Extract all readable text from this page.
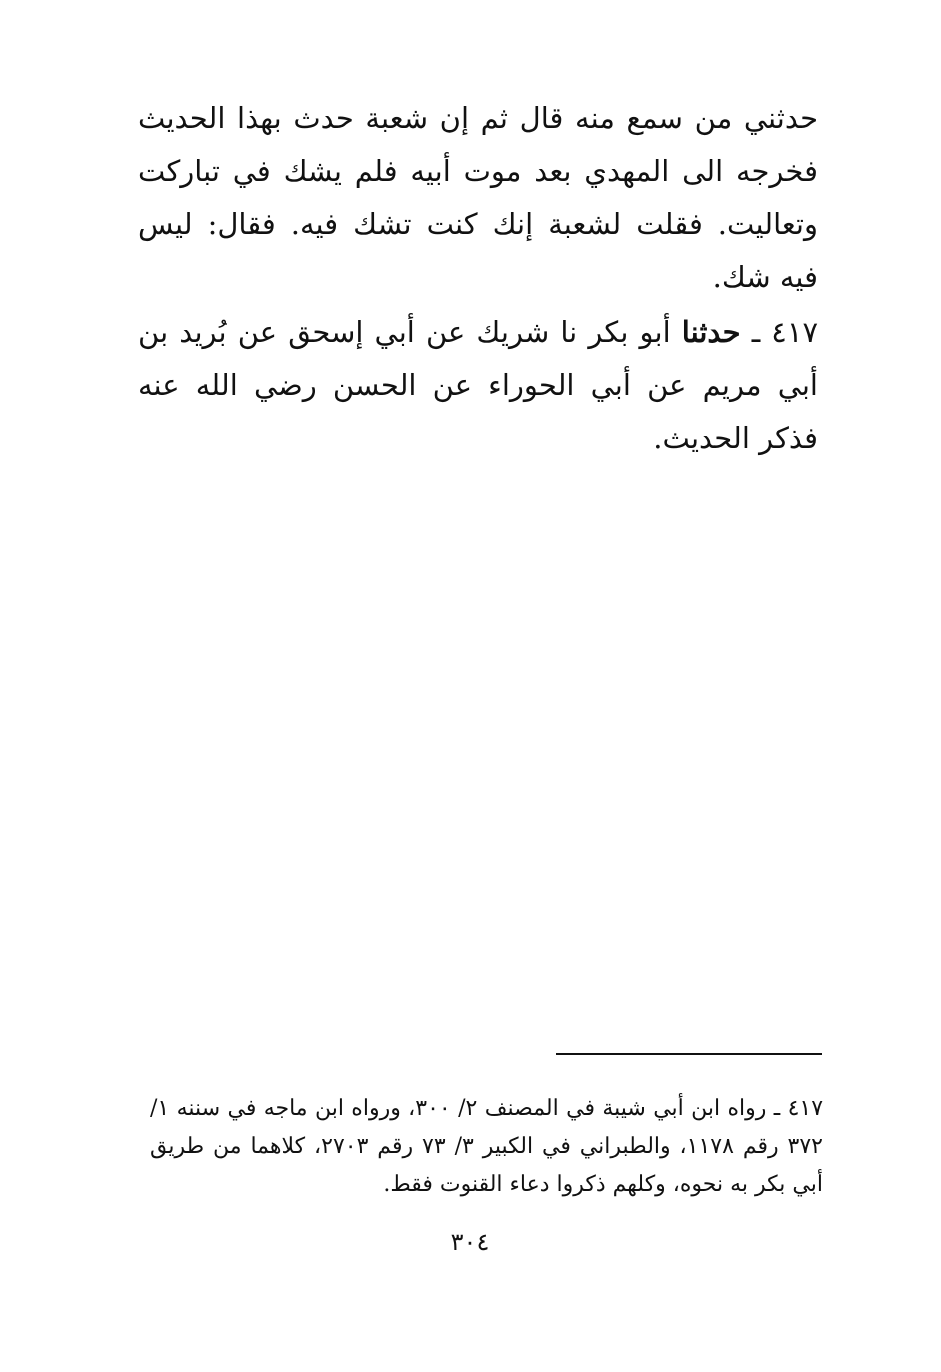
حدثني من سمع منه قال ثم إن شعبة حدث بهذا الحديث فخرجه الى المهدي بعد موت أبيه فلم يشك في تباركت وتعاليت. فقلت لشعبة إنك كنت تشك فيه. فقال: ليس فيه شك.

٤١٧ ـ حدثنا أبو بكر نا شريك عن أبي إسحق عن بُريد بن أبي مريم عن أبي الحوراء عن الحسن رضي الله عنه فذكر الحديث.

٤١٧ ـ رواه ابن أبي شيبة في المصنف ٢/ ٣٠٠، ورواه ابن ماجه في سننه ١/ ٣٧٢ رقم ١١٧٨، والطبراني في الكبير ٣/ ٧٣ رقم ٢٧٠٣، كلاهما من طريق أبي بكر به نحوه، وكلهم ذكروا دعاء القنوت فقط.

٣٠٤
